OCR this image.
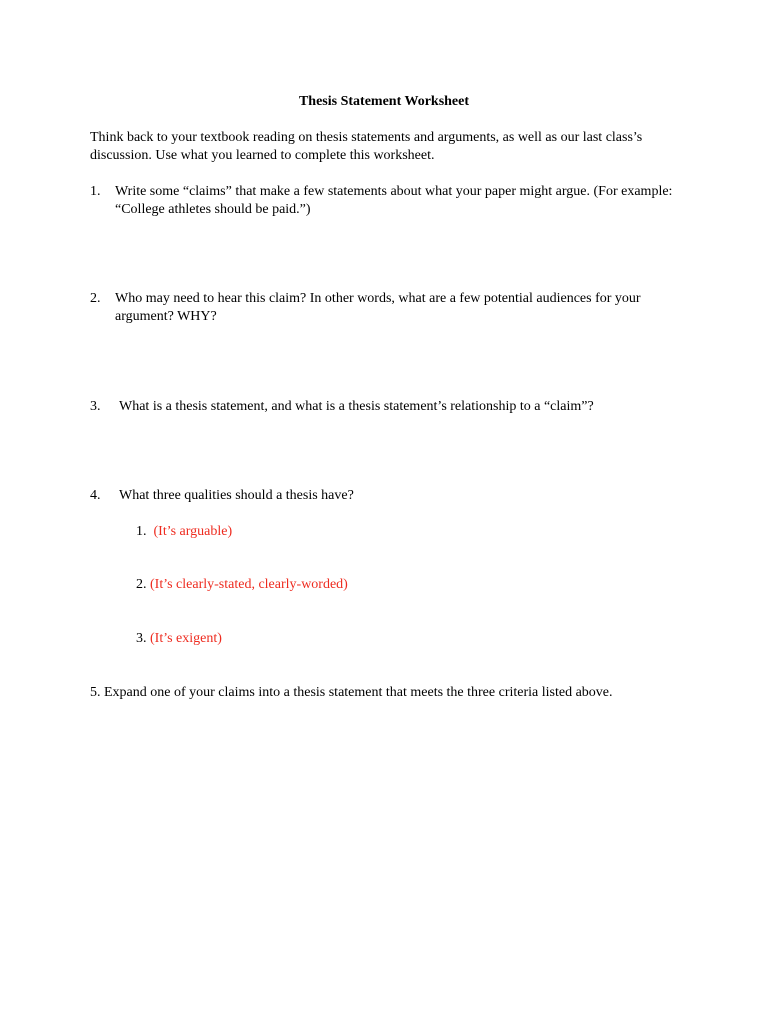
Thesis Statement Worksheet
Think back to your textbook reading on thesis statements and arguments, as well as our last class’s discussion. Use what you learned to complete this worksheet.
1. Write some “claims” that make a few statements about what your paper might argue. (For example: “College athletes should be paid.”)
2. Who may need to hear this claim? In other words, what are a few potential audiences for your argument? WHY?
3. What is a thesis statement, and what is a thesis statement’s relationship to a “claim”?
4. What three qualities should a thesis have?
1. (It’s arguable)
2. (It’s clearly-stated, clearly-worded)
3. (It’s exigent)
5. Expand one of your claims into a thesis statement that meets the three criteria listed above.
